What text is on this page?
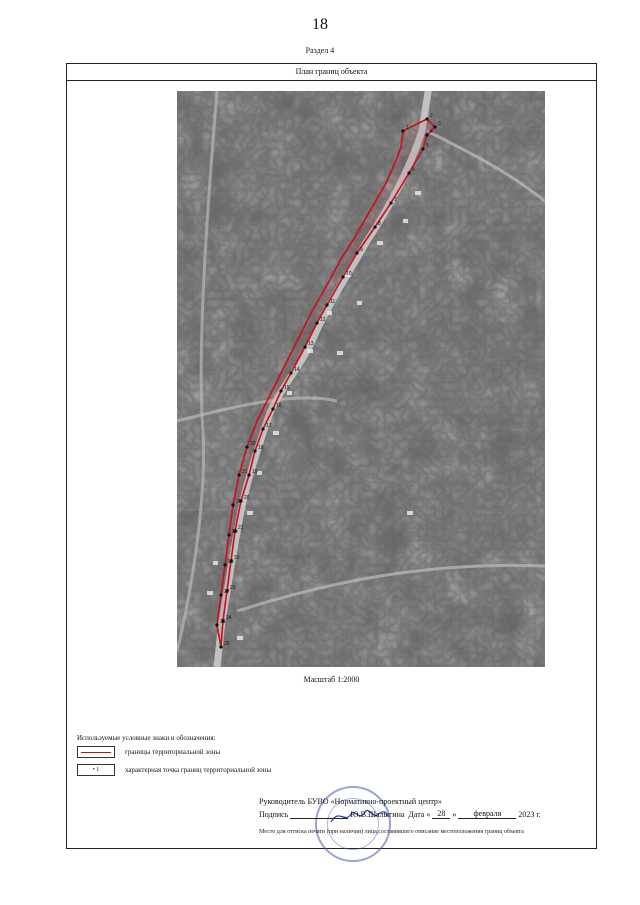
18
Раздел 4
План границ объекта
1
2
3
4
5
6
7
8
9
10
11
12
13
14
15
16
17
18
19
20
21
22
23
24
25
26
27
28
29
30
31
32
Масштаб 1:2000
Используемые условные знаки и обозначения:
границы территориальной зоны
• 1	характерная точка границ территориальной зоны
Руководитель БУВО «Нормативно-проектный центр»
Подпись	Ю.В.Шалыгина Дата « 28 » февраля 2023 г.
Место для оттиска печати (при наличии) лица,составившего описание местоположения границ объекта
